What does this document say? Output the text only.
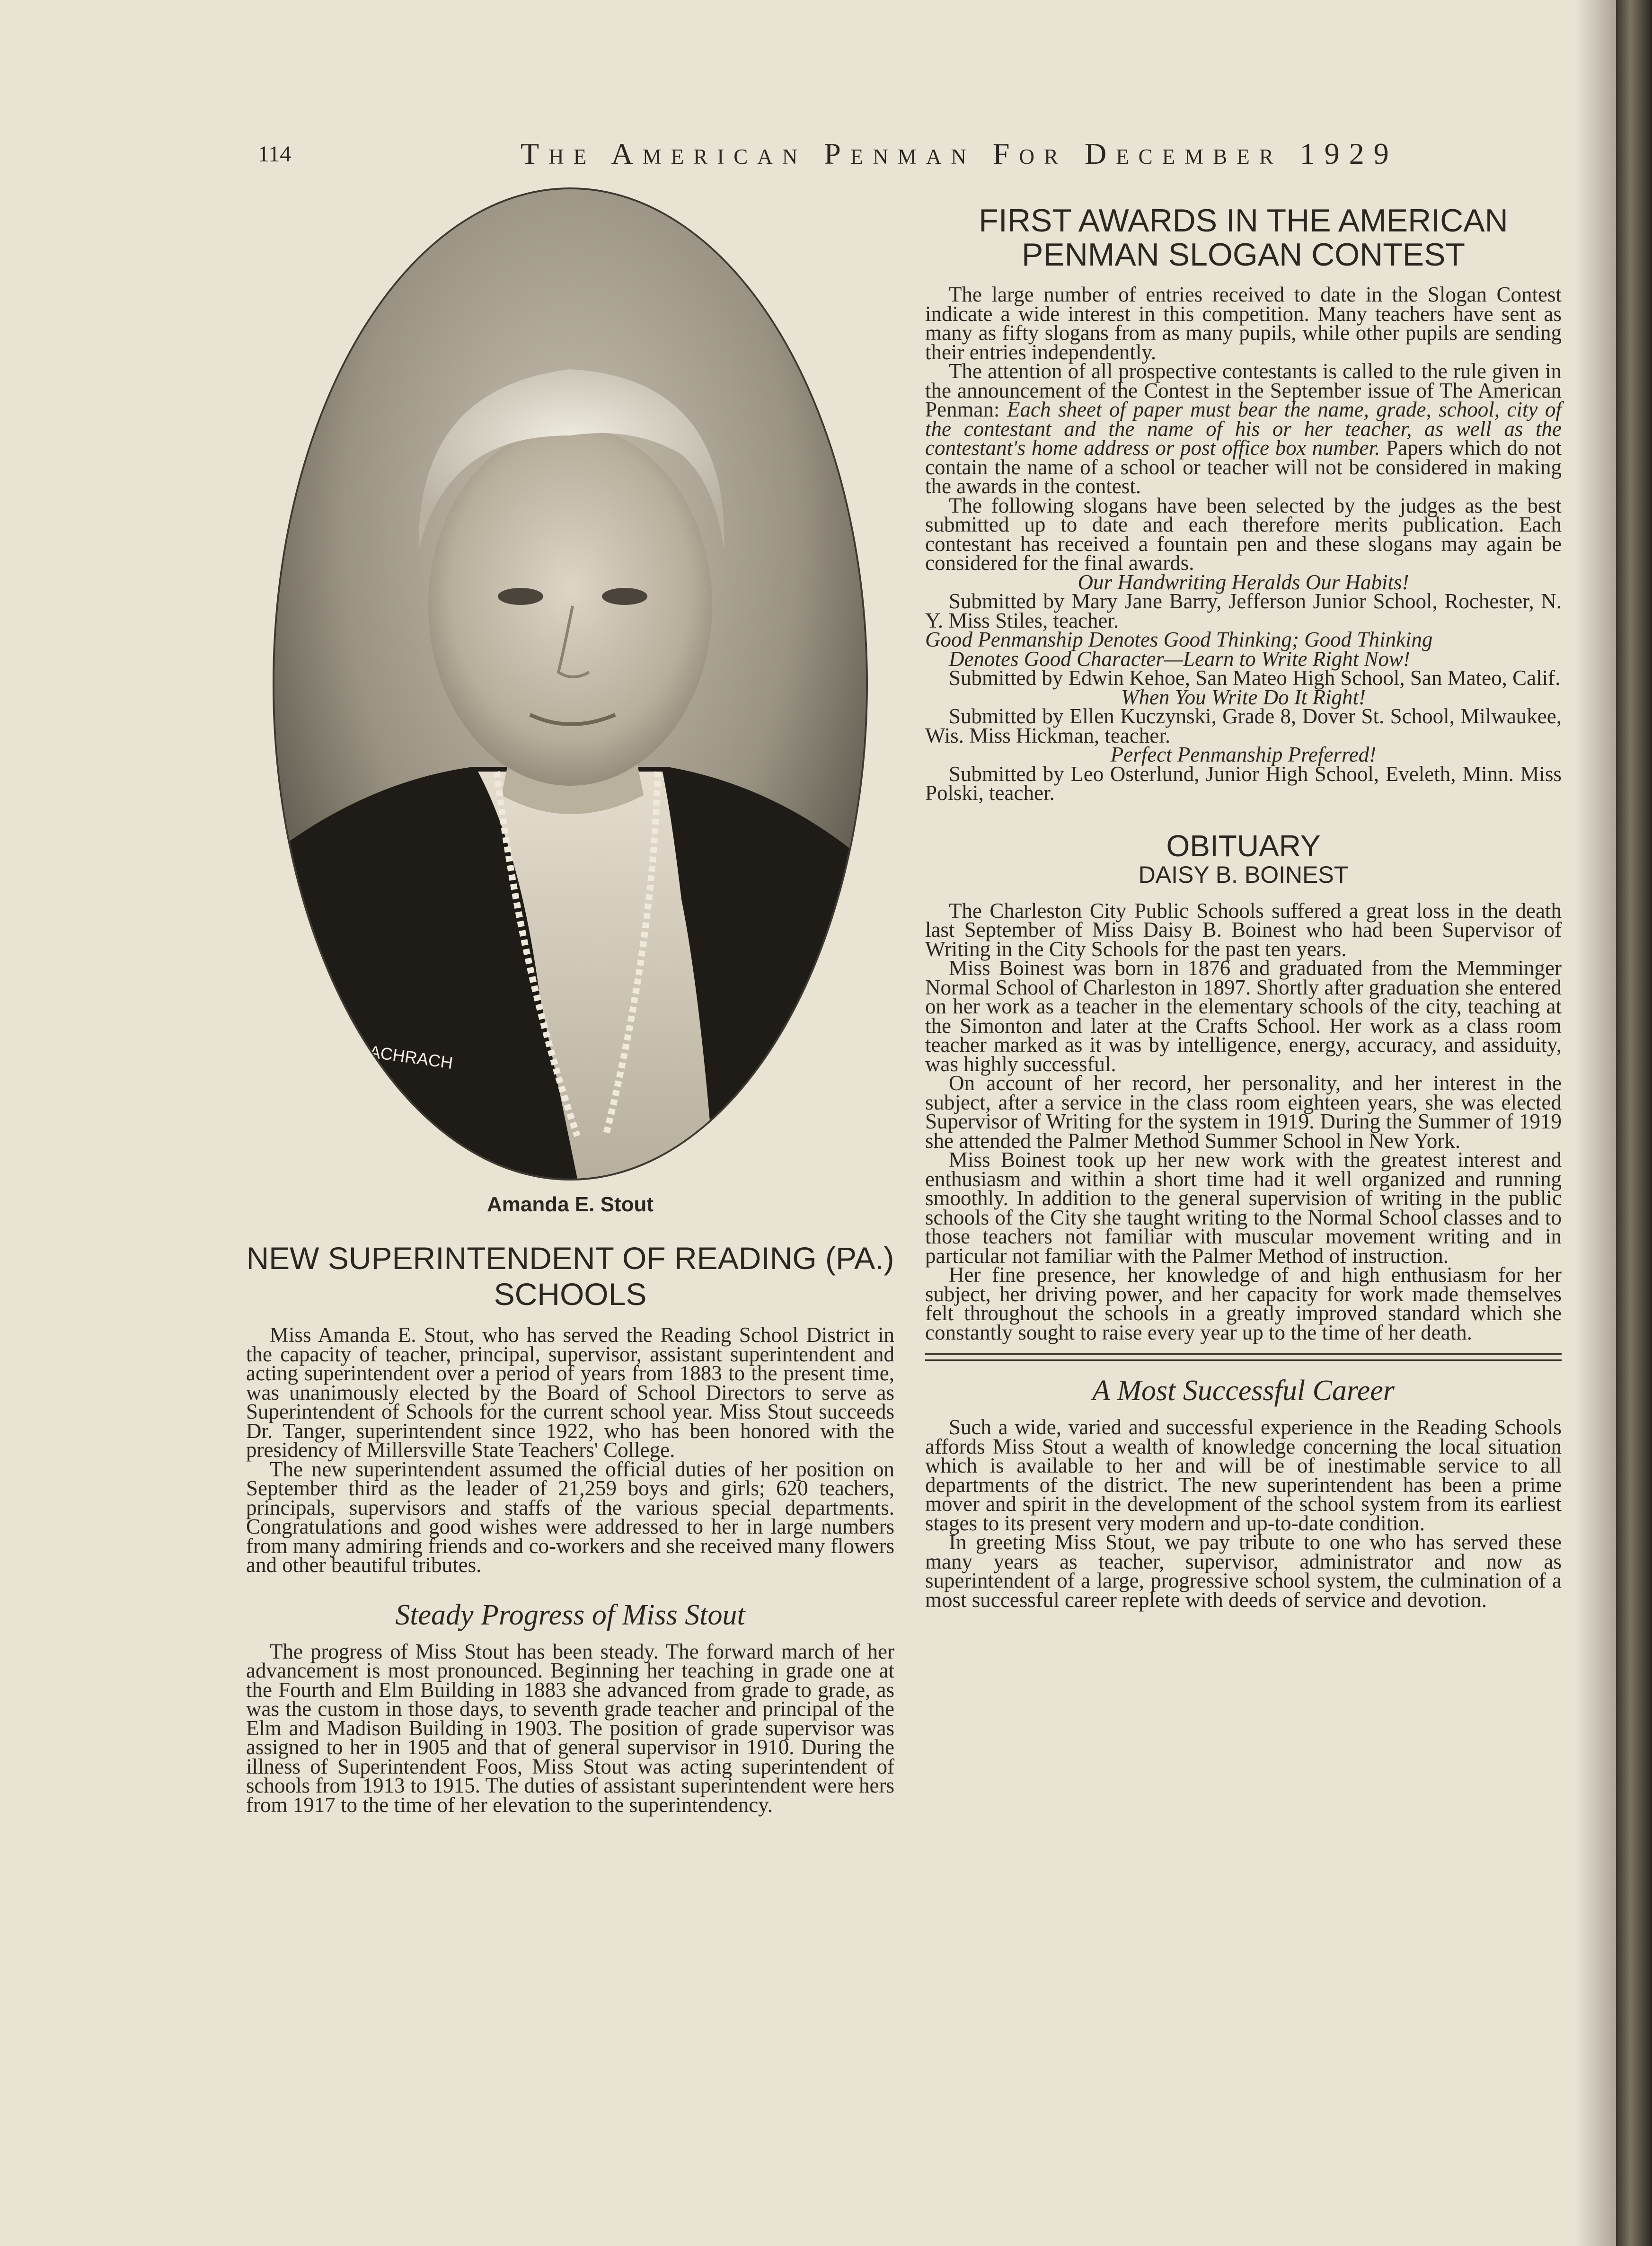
114	The American Penman For December 1929
BACHRACH
Amanda E. Stout
NEW SUPERINTENDENT OF READING (PA.) SCHOOLS

Miss Amanda E. Stout, who has served the Reading School District in the capacity of teacher, principal, supervisor, assistant superintendent and acting superintendent over a period of years from 1883 to the present time, was unanimously elected by the Board of School Directors to serve as Superintendent of Schools for the current school year. Miss Stout succeeds Dr. Tanger, superintendent since 1922, who has been honored with the presidency of Millersville State Teachers' College.

The new superintendent assumed the official duties of her position on September third as the leader of 21,259 boys and girls; 620 teachers, principals, supervisors and staffs of the various special departments. Congratulations and good wishes were addressed to her in large numbers from many admiring friends and co-workers and she received many flowers and other beautiful tributes.

Steady Progress of Miss Stout

The progress of Miss Stout has been steady. The forward march of her advancement is most pronounced. Beginning her teaching in grade one at the Fourth and Elm Building in 1883 she advanced from grade to grade, as was the custom in those days, to seventh grade teacher and principal of the Elm and Madison Building in 1903. The position of grade supervisor was assigned to her in 1905 and that of general supervisor in 1910. During the illness of Superintendent Foos, Miss Stout was acting superintendent of schools from 1913 to 1915. The duties of assistant superintendent were hers from 1917 to the time of her elevation to the superintendency.

FIRST AWARDS IN THE AMERICAN PENMAN SLOGAN CONTEST

The large number of entries received to date in the Slogan Contest indicate a wide interest in this competition. Many teachers have sent as many as fifty slogans from as many pupils, while other pupils are sending their entries independently.

The attention of all prospective contestants is called to the rule given in the announcement of the Contest in the September issue of The American Penman: Each sheet of paper must bear the name, grade, school, city of the contestant and the name of his or her teacher, as well as the contestant's home address or post office box number. Papers which do not contain the name of a school or teacher will not be considered in making the awards in the contest.

The following slogans have been selected by the judges as the best submitted up to date and each therefore merits publication. Each contestant has received a fountain pen and these slogans may again be considered for the final awards.

Our Handwriting Heralds Our Habits!

Submitted by Mary Jane Barry, Jefferson Junior School, Rochester, N. Y. Miss Stiles, teacher.

Good Penmanship Denotes Good Thinking; Good Thinking

Denotes Good Character—Learn to Write Right Now!

Submitted by Edwin Kehoe, San Mateo High School, San Mateo, Calif.

When You Write Do It Right!

Submitted by Ellen Kuczynski, Grade 8, Dover St. School, Milwaukee, Wis. Miss Hickman, teacher.

Perfect Penmanship Preferred!

Submitted by Leo Osterlund, Junior High School, Eveleth, Minn. Miss Polski, teacher.

OBITUARY
DAISY B. BOINEST

The Charleston City Public Schools suffered a great loss in the death last September of Miss Daisy B. Boinest who had been Supervisor of Writing in the City Schools for the past ten years.

Miss Boinest was born in 1876 and graduated from the Memminger Normal School of Charleston in 1897. Shortly after graduation she entered on her work as a teacher in the elementary schools of the city, teaching at the Simonton and later at the Crafts School. Her work as a class room teacher marked as it was by intelligence, energy, accuracy, and assiduity, was highly successful.

On account of her record, her personality, and her interest in the subject, after a service in the class room eighteen years, she was elected Supervisor of Writing for the system in 1919. During the Summer of 1919 she attended the Palmer Method Summer School in New York.

Miss Boinest took up her new work with the greatest interest and enthusiasm and within a short time had it well organized and running smoothly. In addition to the general supervision of writing in the public schools of the City she taught writing to the Normal School classes and to those teachers not familiar with muscular movement writing and in particular not familiar with the Palmer Method of instruction.

Her fine presence, her knowledge of and high enthusiasm for her subject, her driving power, and her capacity for work made themselves felt throughout the schools in a greatly improved standard which she constantly sought to raise every year up to the time of her death.

A Most Successful Career

Such a wide, varied and successful experience in the Reading Schools affords Miss Stout a wealth of knowledge concerning the local situation which is available to her and will be of inestimable service to all departments of the district. The new superintendent has been a prime mover and spirit in the development of the school system from its earliest stages to its present very modern and up-to-date condition.

In greeting Miss Stout, we pay tribute to one who has served these many years as teacher, supervisor, administrator and now as superintendent of a large, progressive school system, the culmination of a most successful career replete with deeds of service and devotion.
